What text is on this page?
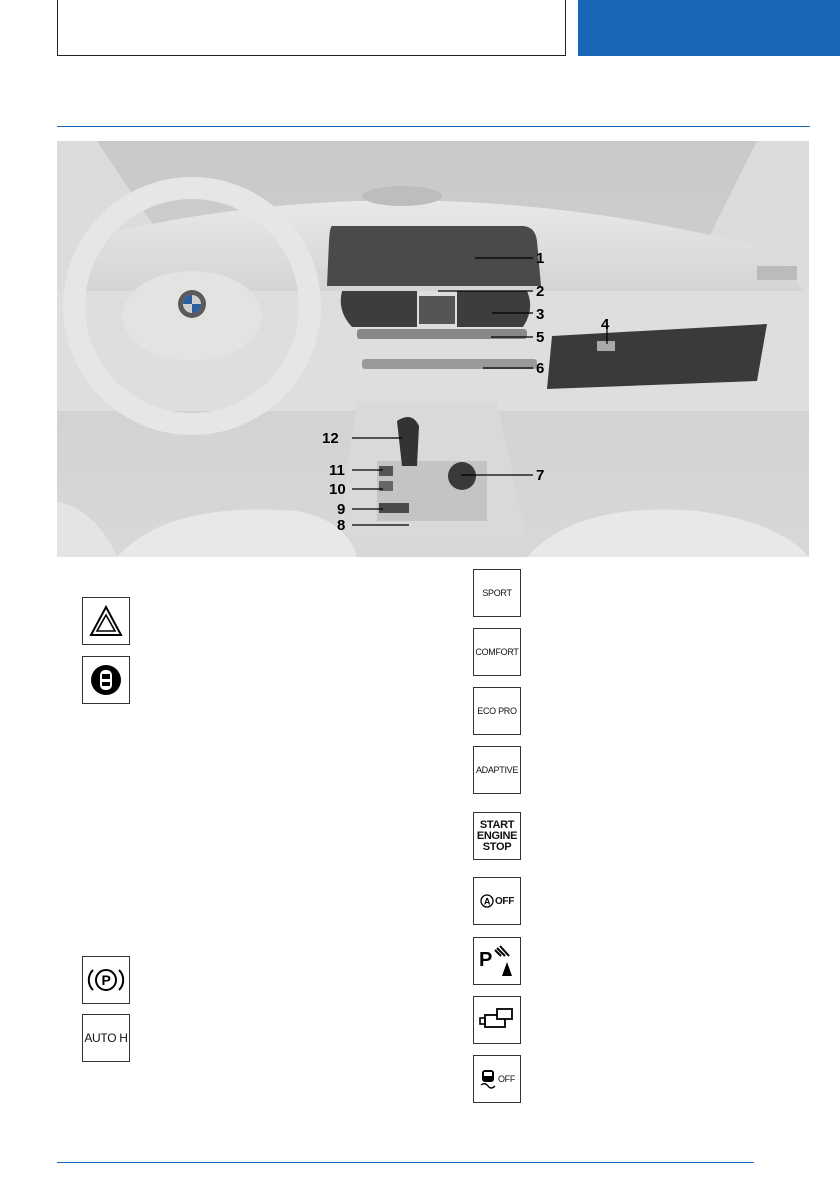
1
2
3
4
5
6
7
8
9
10
11
12
P
AUTO H
SPORT
COMFORT
ECO PRO
ADAPTIVE
START
ENGINE
STOP
A OFF
P
OFF
